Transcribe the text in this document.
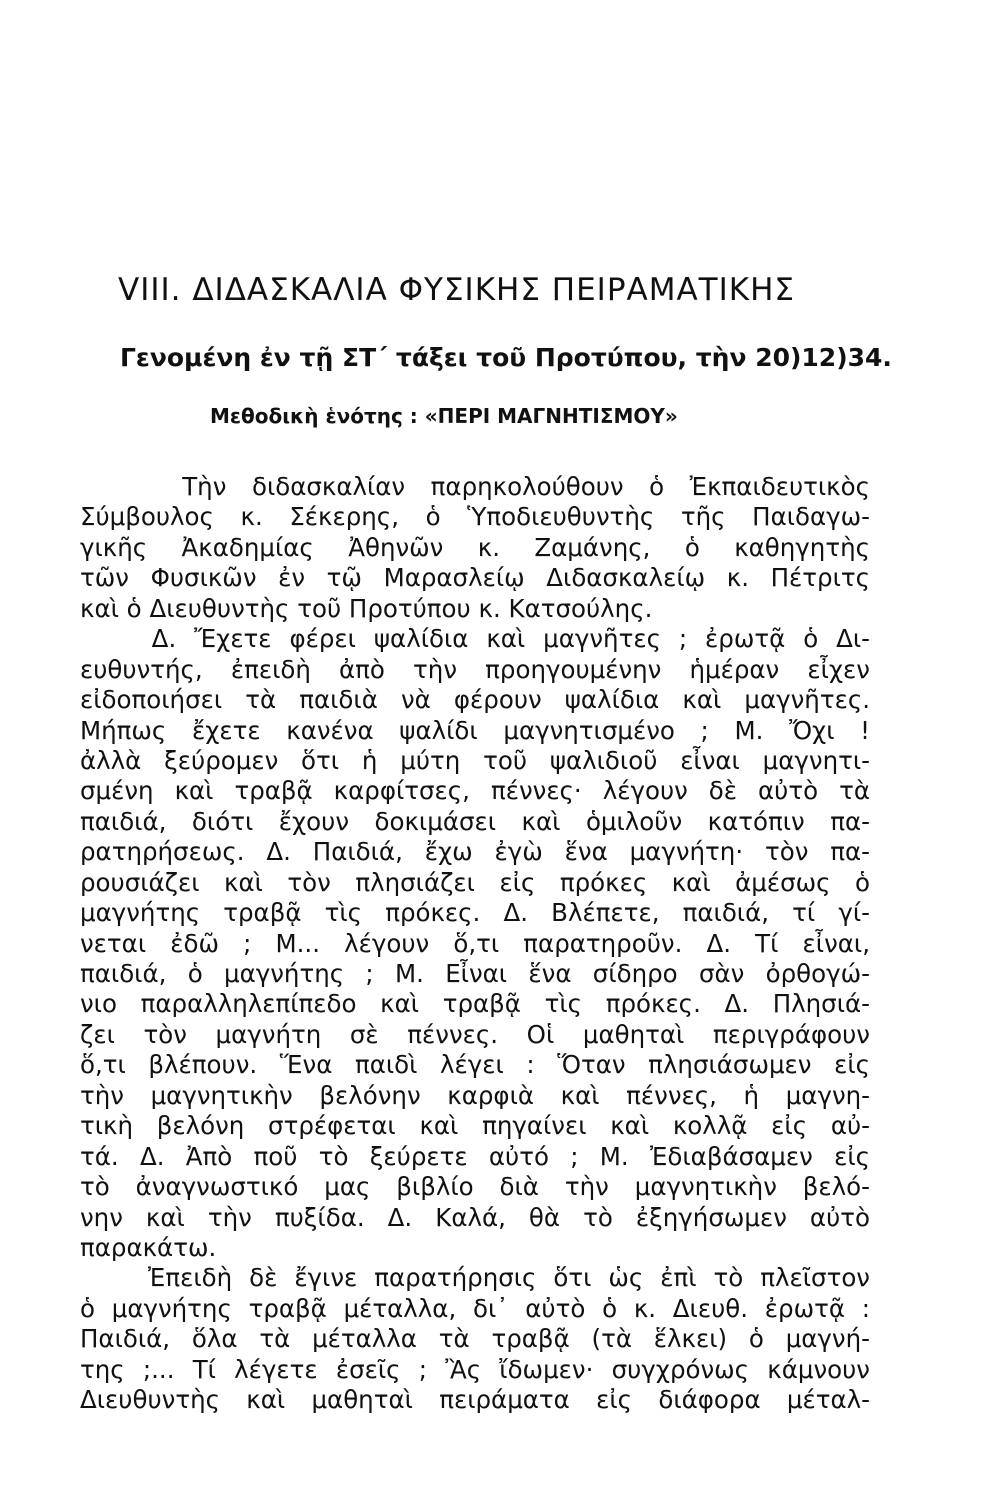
VIII. ΔΙΔΑΣΚΑΛΙΑ ΦΥΣΙΚΗΣ ΠΕΙΡΑΜΑΤΙΚΗΣ
Γενομένη ἐν τῇ ΣΤ΄ τάξει τοῦ Προτύπου, τὴν 20)12)34.
Μεθοδικὴ ἑνότης : «ΠΕΡΙ ΜΑΓΝΗΤΙΣΜΟΥ»
Τὴν διδασκαλίαν παρηκολούθουν ὁ Ἐκπαιδευτικὸς
Σύμβουλος κ. Σέκερης, ὁ Ὑποδιευθυντὴς τῆς Παιδαγω-
γικῆς Ἀκαδημίας Ἀθηνῶν κ. Ζαμάνης, ὁ καθηγητὴς
τῶν Φυσικῶν ἐν τῷ Μαρασλείῳ Διδασκαλείῳ κ. Πέτριτς
καὶ ὁ Διευθυντὴς τοῦ Προτύπου κ. Κατσούλης.
Δ. Ἔχετε φέρει ψαλίδια καὶ μαγνῆτες ; ἐρωτᾷ ὁ Δι-
ευθυντής, ἐπειδὴ ἀπὸ τὴν προηγουμένην ἡμέραν εἶχεν
εἰδοποιήσει τὰ παιδιὰ νὰ φέρουν ψαλίδια καὶ μαγνῆτες.
Μήπως ἔχετε κανένα ψαλίδι μαγνητισμένο ; Μ. Ὄχι !
ἀλλὰ ξεύρομεν ὅτι ἡ μύτη τοῦ ψαλιδιοῦ εἶναι μαγνητι-
σμένη καὶ τραβᾷ καρφίτσες, πέννες· λέγουν δὲ αὐτὸ τὰ
παιδιά, διότι ἔχουν δοκιμάσει καὶ ὁμιλοῦν κατόπιν πα-
ρατηρήσεως. Δ. Παιδιά, ἔχω ἐγὼ ἕνα μαγνήτη· τὸν πα-
ρουσιάζει καὶ τὸν πλησιάζει εἰς πρόκες καὶ ἀμέσως ὁ
μαγνήτης τραβᾷ τὶς πρόκες. Δ. Βλέπετε, παιδιά, τί γί-
νεται ἐδῶ ; Μ... λέγουν ὅ,τι παρατηροῦν. Δ. Τί εἶναι,
παιδιά, ὁ μαγνήτης ; Μ. Εἶναι ἕνα σίδηρο σὰν ὀρθογώ-
νιο παραλληλεπίπεδο καὶ τραβᾷ τὶς πρόκες. Δ. Πλησιά-
ζει τὸν μαγνήτη σὲ πέννες. Οἱ μαθηταὶ περιγράφουν
ὅ,τι βλέπουν. Ἕνα παιδὶ λέγει : Ὅταν πλησιάσωμεν εἰς
τὴν μαγνητικὴν βελόνην καρφιὰ καὶ πέννες, ἡ μαγνη-
τικὴ βελόνη στρέφεται καὶ πηγαίνει καὶ κολλᾷ εἰς αὐ-
τά. Δ. Ἀπὸ ποῦ τὸ ξεύρετε αὐτό ; Μ. Ἐδιαβάσαμεν εἰς
τὸ ἀναγνωστικό μας βιβλίο διὰ τὴν μαγνητικὴν βελό-
νην καὶ τὴν πυξίδα. Δ. Καλά, θὰ τὸ ἐξηγήσωμεν αὐτὸ
παρακάτω.
Ἐπειδὴ δὲ ἔγινε παρατήρησις ὅτι ὡς ἐπὶ τὸ πλεῖστον
ὁ μαγνήτης τραβᾷ μέταλλα, δι᾽ αὐτὸ ὁ κ. Διευθ. ἐρωτᾷ :
Παιδιά, ὅλα τὰ μέταλλα τὰ τραβᾷ (τὰ ἕλκει) ὁ μαγνή-
της ;... Τί λέγετε ἐσεῖς ; Ἂς ἴδωμεν· συγχρόνως κάμνουν
Διευθυντὴς καὶ μαθηταὶ πειράματα εἰς διάφορα μέταλ-
